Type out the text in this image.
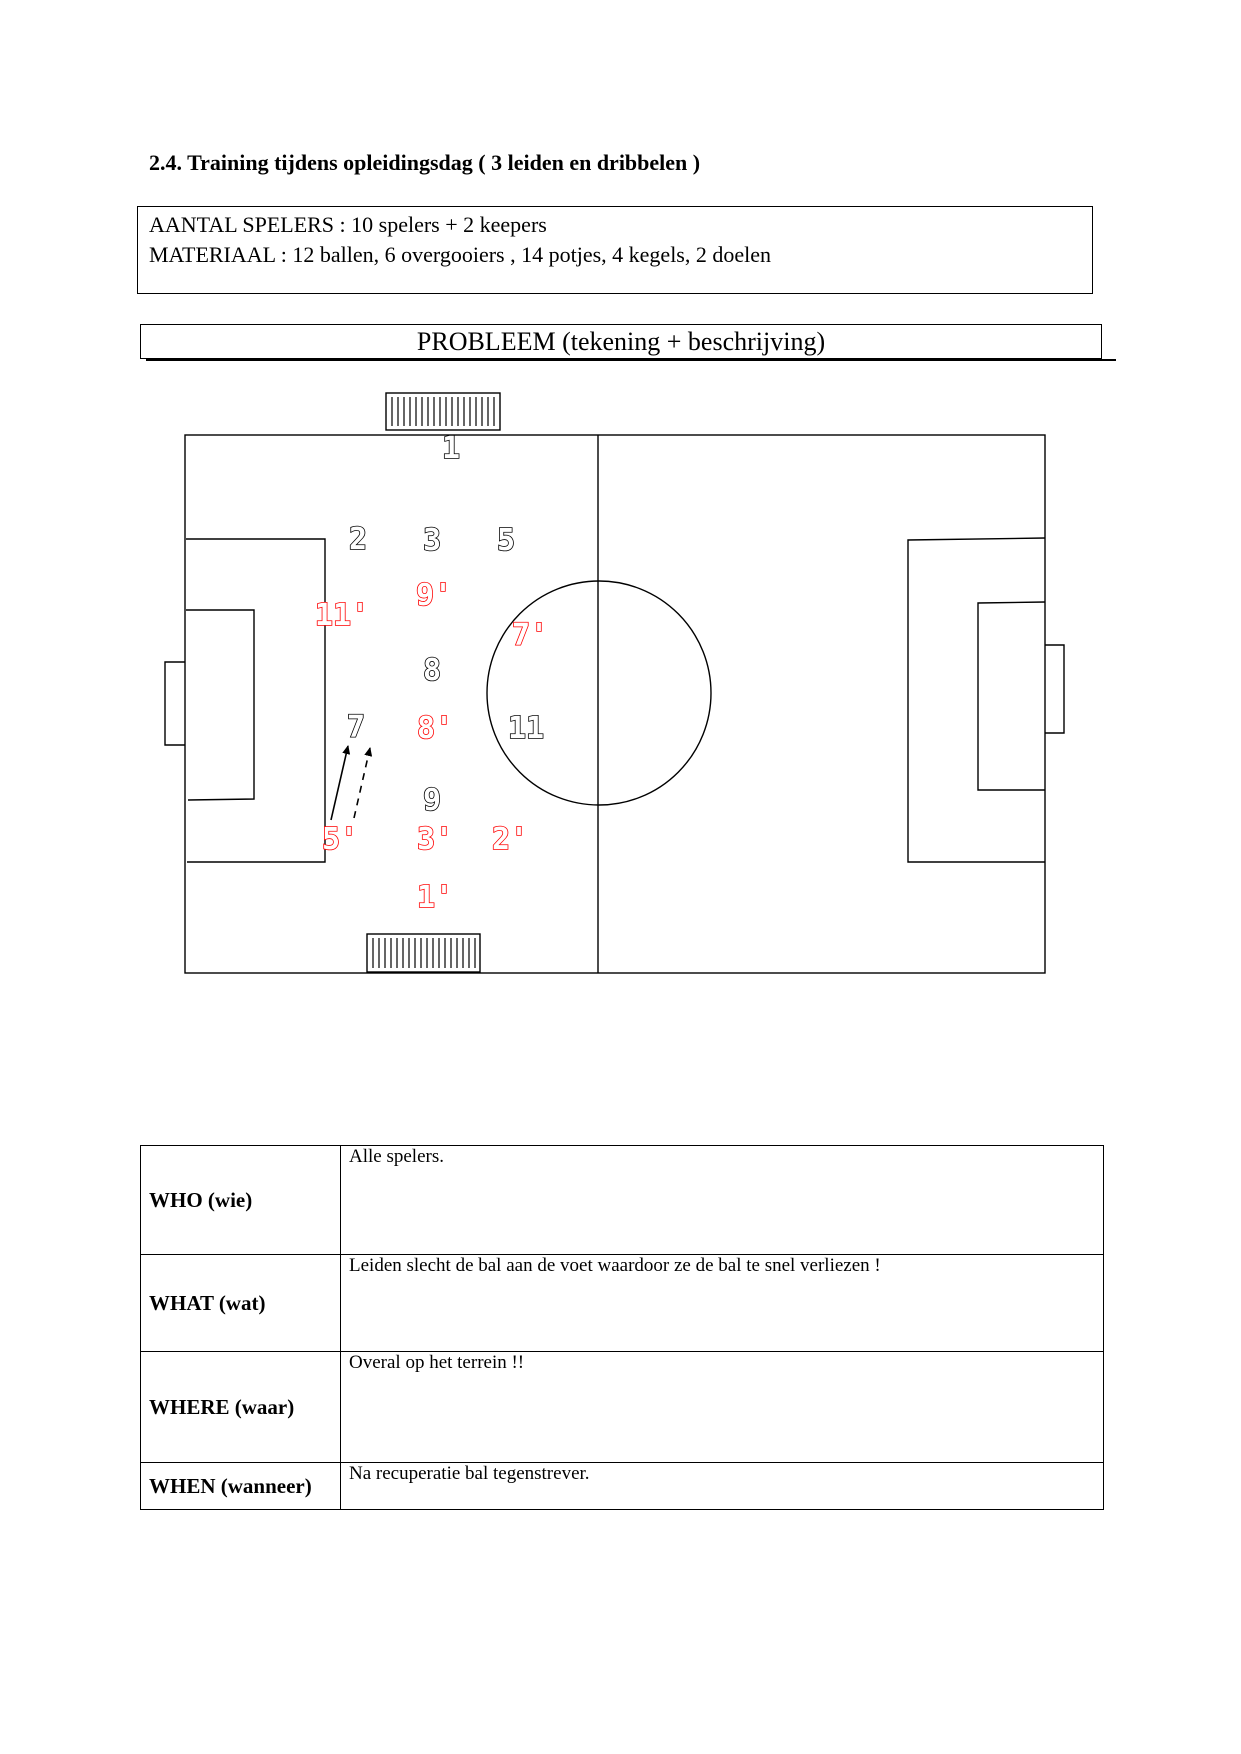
2.4. Training tijdens opleidingsdag ( 3 leiden en dribbelen )
AANTAL SPELERS : 10 spelers + 2 keepers
MATERIAAL : 12 ballen, 6 overgooiers , 14 potjes, 4 kegels, 2 doelen
PROBLEEM (tekening + beschrijving)
1
2 3 5
8
7	11
9
9'
11'
7'
8'
5' 3' 2'
1'
WHO (wie)	Alle spelers.
WHAT (wat)	Leiden slecht de bal aan de voet waardoor ze de bal te snel verliezen !
WHERE (waar)	Overal op het terrein !!
WHEN (wanneer)	Na recuperatie bal tegenstrever.
